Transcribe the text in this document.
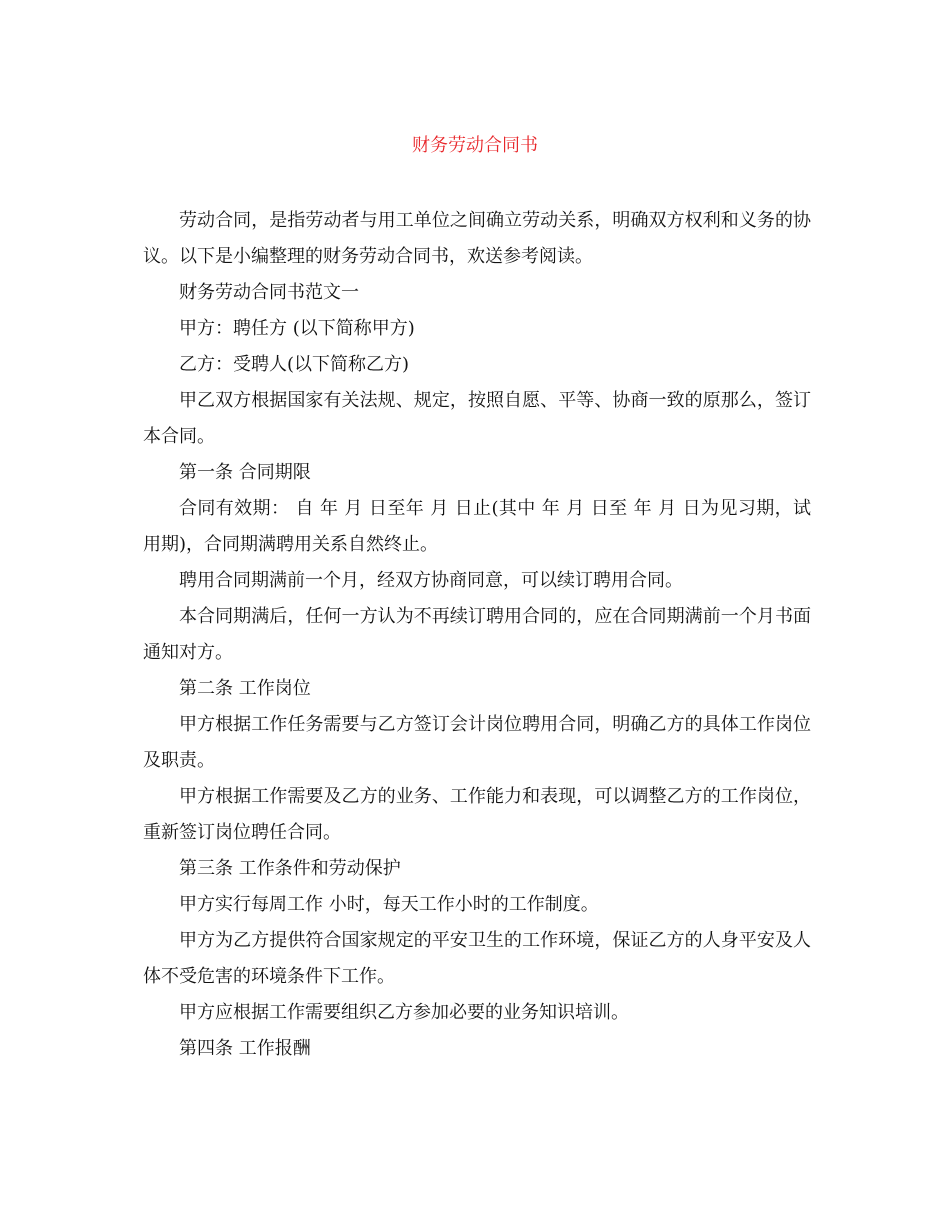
财务劳动合同书

劳动合同，是指劳动者与用工单位之间确立劳动关系，明确双方权利和义务的协议。以下是小编整理的财务劳动合同书，欢送参考阅读。

财务劳动合同书范文一

甲方：聘任方 (以下简称甲方)

乙方：受聘人(以下简称乙方)

甲乙双方根据国家有关法规、规定，按照自愿、平等、协商一致的原那么，签订本合同。

第一条 合同期限

合同有效期： 自 年 月 日至年 月 日止(其中 年 月 日至 年 月 日为见习期，试用期)，合同期满聘用关系自然终止。

聘用合同期满前一个月，经双方协商同意，可以续订聘用合同。

本合同期满后，任何一方认为不再续订聘用合同的，应在合同期满前一个月书面通知对方。

第二条 工作岗位

甲方根据工作任务需要与乙方签订会计岗位聘用合同，明确乙方的具体工作岗位及职责。

甲方根据工作需要及乙方的业务、工作能力和表现，可以调整乙方的工作岗位，重新签订岗位聘任合同。

第三条 工作条件和劳动保护

甲方实行每周工作 小时，每天工作小时的工作制度。

甲方为乙方提供符合国家规定的平安卫生的工作环境，保证乙方的人身平安及人体不受危害的环境条件下工作。

甲方应根据工作需要组织乙方参加必要的业务知识培训。

第四条 工作报酬
